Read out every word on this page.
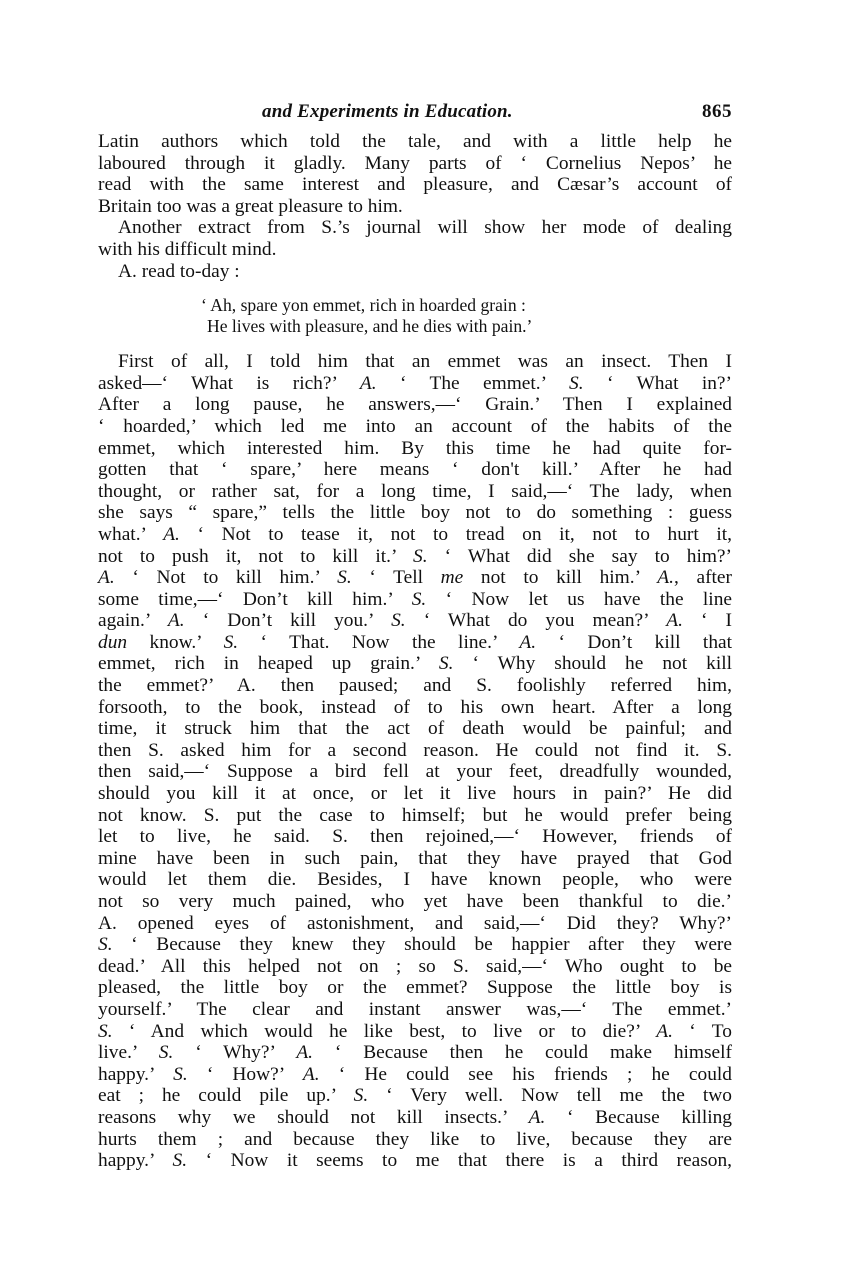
and Experiments in Education.	865
Latin authors which told the tale, and with a little help he
laboured through it gladly. Many parts of ‘ Cornelius Nepos’ he
read with the same interest and pleasure, and Cæsar’s account of
Britain too was a great pleasure to him.
Another extract from S.’s journal will show her mode of dealing
with his difficult mind.
A. read to-day :
‘ Ah, spare yon emmet, rich in hoarded grain :
He lives with pleasure, and he dies with pain.’
First of all, I told him that an emmet was an insect. Then I
asked—‘ What is rich?’ A. ‘ The emmet.’ S. ‘ What in?’
After a long pause, he answers,—‘ Grain.’ Then I explained
‘ hoarded,’ which led me into an account of the habits of the
emmet, which interested him. By this time he had quite for-
gotten that ‘ spare,’ here means ‘ don't kill.’ After he had
thought, or rather sat, for a long time, I said,—‘ The lady, when
she says “ spare,” tells the little boy not to do something : guess
what.’ A. ‘ Not to tease it, not to tread on it, not to hurt it,
not to push it, not to kill it.’ S. ‘ What did she say to him?’
A. ‘ Not to kill him.’ S. ‘ Tell me not to kill him.’ A., after
some time,—‘ Don’t kill him.’ S. ‘ Now let us have the line
again.’ A. ‘ Don’t kill you.’ S. ‘ What do you mean?’ A. ‘ I
dun know.’ S. ‘ That. Now the line.’ A. ‘ Don’t kill that
emmet, rich in heaped up grain.’ S. ‘ Why should he not kill
the emmet?’ A. then paused; and S. foolishly referred him,
forsooth, to the book, instead of to his own heart. After a long
time, it struck him that the act of death would be painful; and
then S. asked him for a second reason. He could not find it. S.
then said,—‘ Suppose a bird fell at your feet, dreadfully wounded,
should you kill it at once, or let it live hours in pain?’ He did
not know. S. put the case to himself; but he would prefer being
let to live, he said. S. then rejoined,—‘ However, friends of
mine have been in such pain, that they have prayed that God
would let them die. Besides, I have known people, who were
not so very much pained, who yet have been thankful to die.’
A. opened eyes of astonishment, and said,—‘ Did they? Why?’
S. ‘ Because they knew they should be happier after they were
dead.’ All this helped not on ; so S. said,—‘ Who ought to be
pleased, the little boy or the emmet? Suppose the little boy is
yourself.’ The clear and instant answer was,—‘ The emmet.’
S. ‘ And which would he like best, to live or to die?’ A. ‘ To
live.’ S. ‘ Why?’ A. ‘ Because then he could make himself
happy.’ S. ‘ How?’ A. ‘ He could see his friends ; he could
eat ; he could pile up.’ S. ‘ Very well. Now tell me the two
reasons why we should not kill insects.’ A. ‘ Because killing
hurts them ; and because they like to live, because they are
happy.’ S. ‘ Now it seems to me that there is a third reason,
